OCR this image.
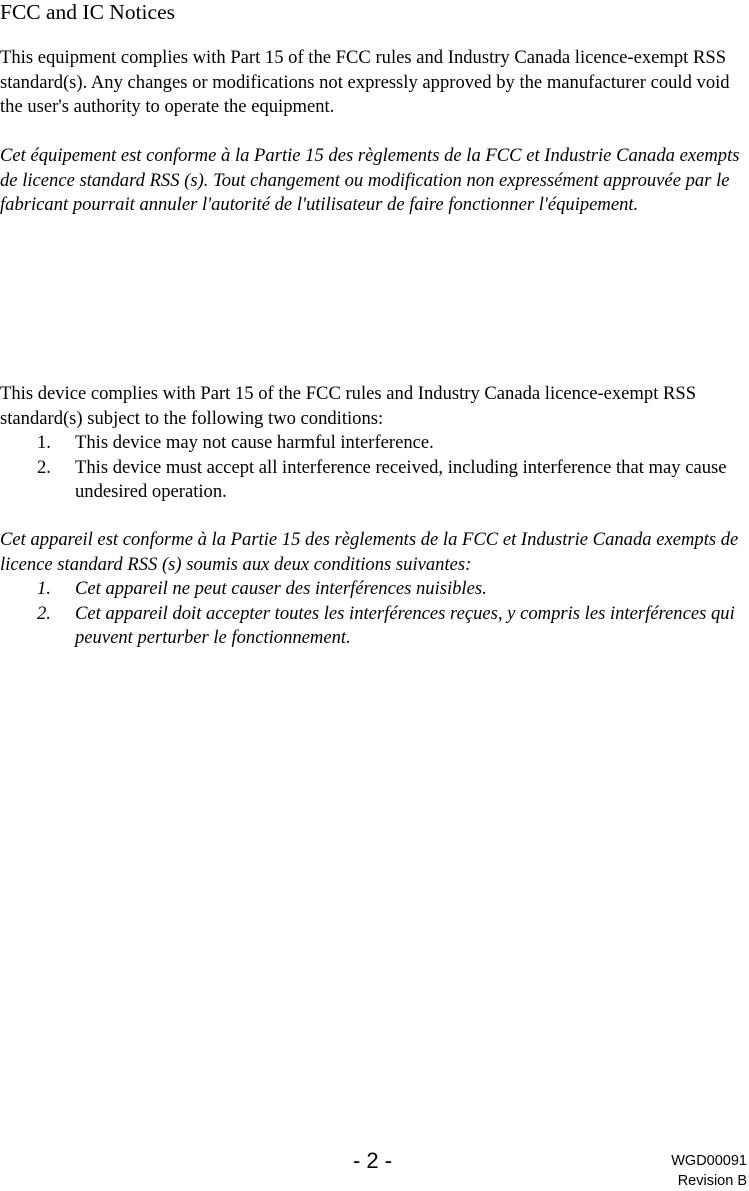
FCC and IC Notices

This equipment complies with Part 15 of the FCC rules and Industry Canada licence-exempt RSS standard(s). Any changes or modifications not expressly approved by the manufacturer could void the user's authority to operate the equipment.

Cet équipement est conforme à la Partie 15 des règlements de la FCC et Industrie Canada exempts de licence standard RSS (s). Tout changement ou modification non expressément approuvée par le fabricant pourrait annuler l'autorité de l'utilisateur de faire fonctionner l'équipement.

This device complies with Part 15 of the FCC rules and Industry Canada licence-exempt RSS standard(s) subject to the following two conditions:

1. This device may not cause harmful interference.
2. This device must accept all interference received, including interference that may cause undesired operation.

Cet appareil est conforme à la Partie 15 des règlements de la FCC et Industrie Canada exempts de licence standard RSS (s) soumis aux deux conditions suivantes:

1. Cet appareil ne peut causer des interférences nuisibles.
2. Cet appareil doit accepter toutes les interférences reçues, y compris les interférences qui peuvent perturber le fonctionnement.
- 2 -	WGD00091
Revision B
